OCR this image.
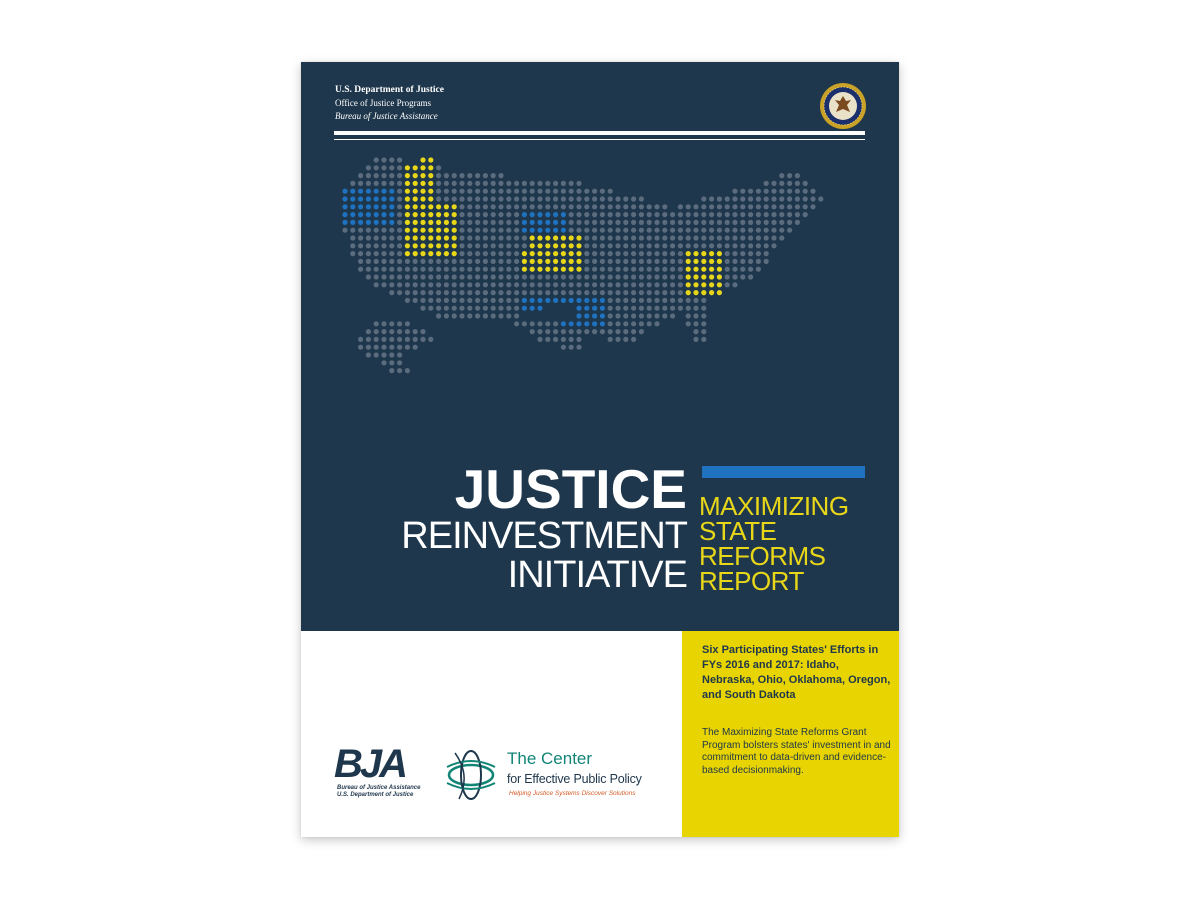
U.S. Department of Justice
Office of Justice Programs
Bureau of Justice Assistance
JUSTICE
REINVESTMENT
INITIATIVE
MAXIMIZING
STATE
REFORMS
REPORT
Six Participating States' Efforts in FYs 2016 and 2017: Idaho, Nebraska, Ohio, Oklahoma, Oregon, and South Dakota
The Maximizing State Reforms Grant Program bolsters states' investment in and commitment to data-driven and evidence-based decisionmaking.
BJA
Bureau of Justice Assistance
U.S. Department of Justice
The Center
for Effective Public Policy
Helping Justice Systems Discover Solutions
